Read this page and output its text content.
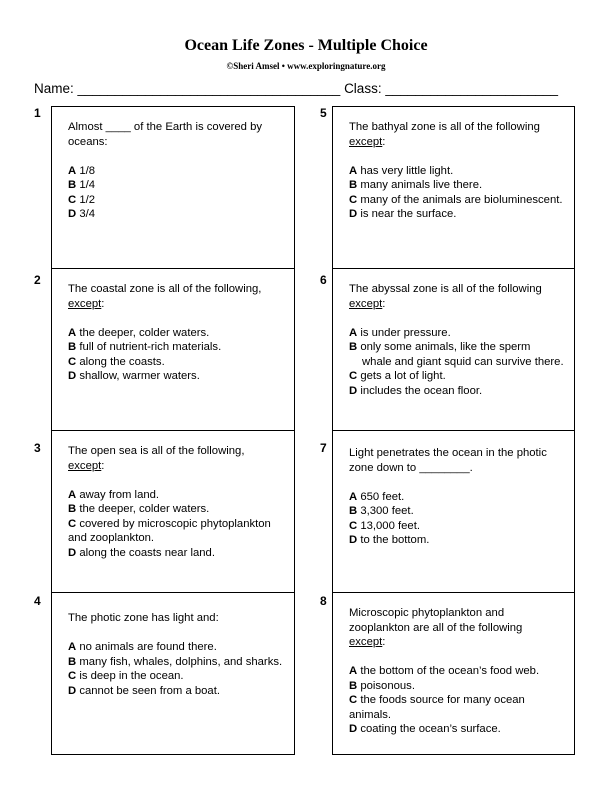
Ocean Life Zones - Multiple Choice
©Sheri Amsel • www.exploringnature.org
Name: ___________________________________ Class: _______________________
1

Almost ____ of the Earth is covered by oceans:

A 1/8

B 1/4

C 1/2

D 3/4

2

The coastal zone is all of the following,
except:

A the deeper, colder waters.

B full of nutrient-rich materials.

C along the coasts.

D shallow, warmer waters.

3 The open sea is all of the following,
except:

A away from land.

B the deeper, colder waters.

C covered by microscopic phytoplankton and zooplankton.

D along the coasts near land.

4

The photic zone has light and:

A no animals are found there.

B many fish, whales, dolphins, and sharks.

C is deep in the ocean.

D cannot be seen from a boat.

5

The bathyal zone is all of the following
except:

A has very little light.

B many animals live there.

C many of the animals are bioluminescent.

D is near the surface.

6

The abyssal zone is all of the following
except:

A is under pressure.

B only some animals, like the sperm
whale and giant squid can survive there.

C gets a lot of light.

D includes the ocean floor.

7 Light penetrates the ocean in the photic zone down to ________.

A 650 feet.

B 3,300 feet.

C 13,000 feet.

D to the bottom.

8

Microscopic phytoplankton and zooplankton are all of the following
except:

A the bottom of the ocean’s food web.

B poisonous.

C the foods source for many ocean animals.

D coating the ocean’s surface.
